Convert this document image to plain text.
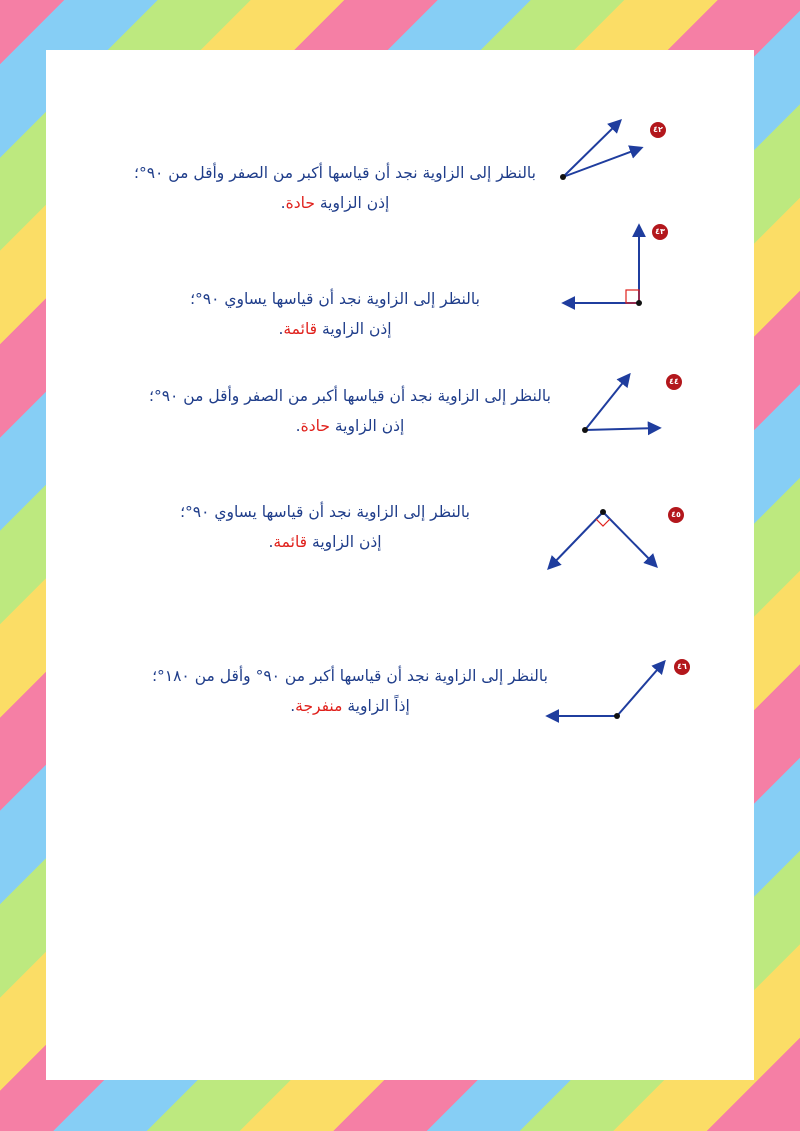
٤٢
بالنظر إلى الزاوية نجد أن قياسها أكبر من الصفر وأقل من ٩٠°؛
إذن الزاوية حادة.
٤٣
بالنظر إلى الزاوية نجد أن قياسها يساوي ٩٠°؛
إذن الزاوية قائمة.
٤٤
بالنظر إلى الزاوية نجد أن قياسها أكبر من الصفر وأقل من ٩٠°؛
إذن الزاوية حادة.
٤٥
بالنظر إلى الزاوية نجد أن قياسها يساوي ٩٠°؛
إذن الزاوية قائمة.
٤٦
بالنظر إلى الزاوية نجد أن قياسها أكبر من ٩٠° وأقل من ١٨٠°؛
إذاً الزاوية منفرجة.
